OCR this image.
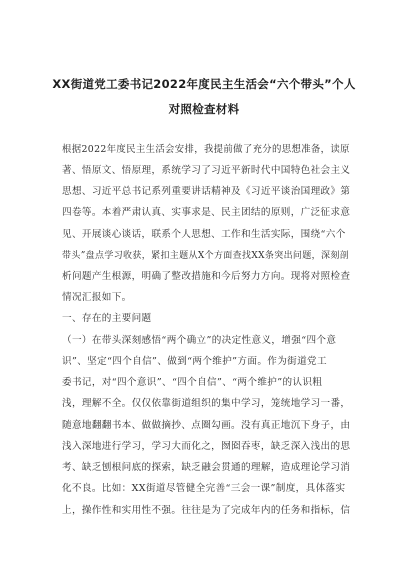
XX街道党工委书记2022年度民主生活会“六个带头”个人
对照检查材料
根据2022年度民主生活会安排，我提前做了充分的思想准备，读原
著、悟原文、悟原理，系统学习了习近平新时代中国特色社会主义
思想、习近平总书记系列重要讲话精神及《习近平谈治国理政》第
四卷等。本着严肃认真、实事求是、民主团结的原则，广泛征求意
见、开展谈心谈话，联系个人思想、工作和生活实际，围绕“六个
带头”盘点学习收获，紧扣主题从X个方面查找XX条突出问题，深刻剖
析问题产生根源，明确了整改措施和今后努力方向。现将对照检查
情况汇报如下。
一、存在的主要问题
（一）在带头深刻感悟“两个确立”的决定性意义，增强“四个意
识”、坚定“四个自信”、做到“两个维护”方面。作为街道党工
委书记，对“四个意识”、“四个自信”、“两个维护”的认识粗
浅，理解不全。仅仅依靠街道组织的集中学习，笼统地学习一番，
随意地翻翻书本、做做摘抄、点圈勾画。没有真正地沉下身子，由
浅入深地进行学习，学习大而化之，囫囵吞枣，缺乏深入浅出的思
考、缺乏刨根问底的探索，缺乏融会贯通的理解，造成理论学习消
化不良。比如：XX街道尽管健全完善“三会一课”制度，具体落实
上，操作性和实用性不强。往往是为了完成年内的任务和指标，信
